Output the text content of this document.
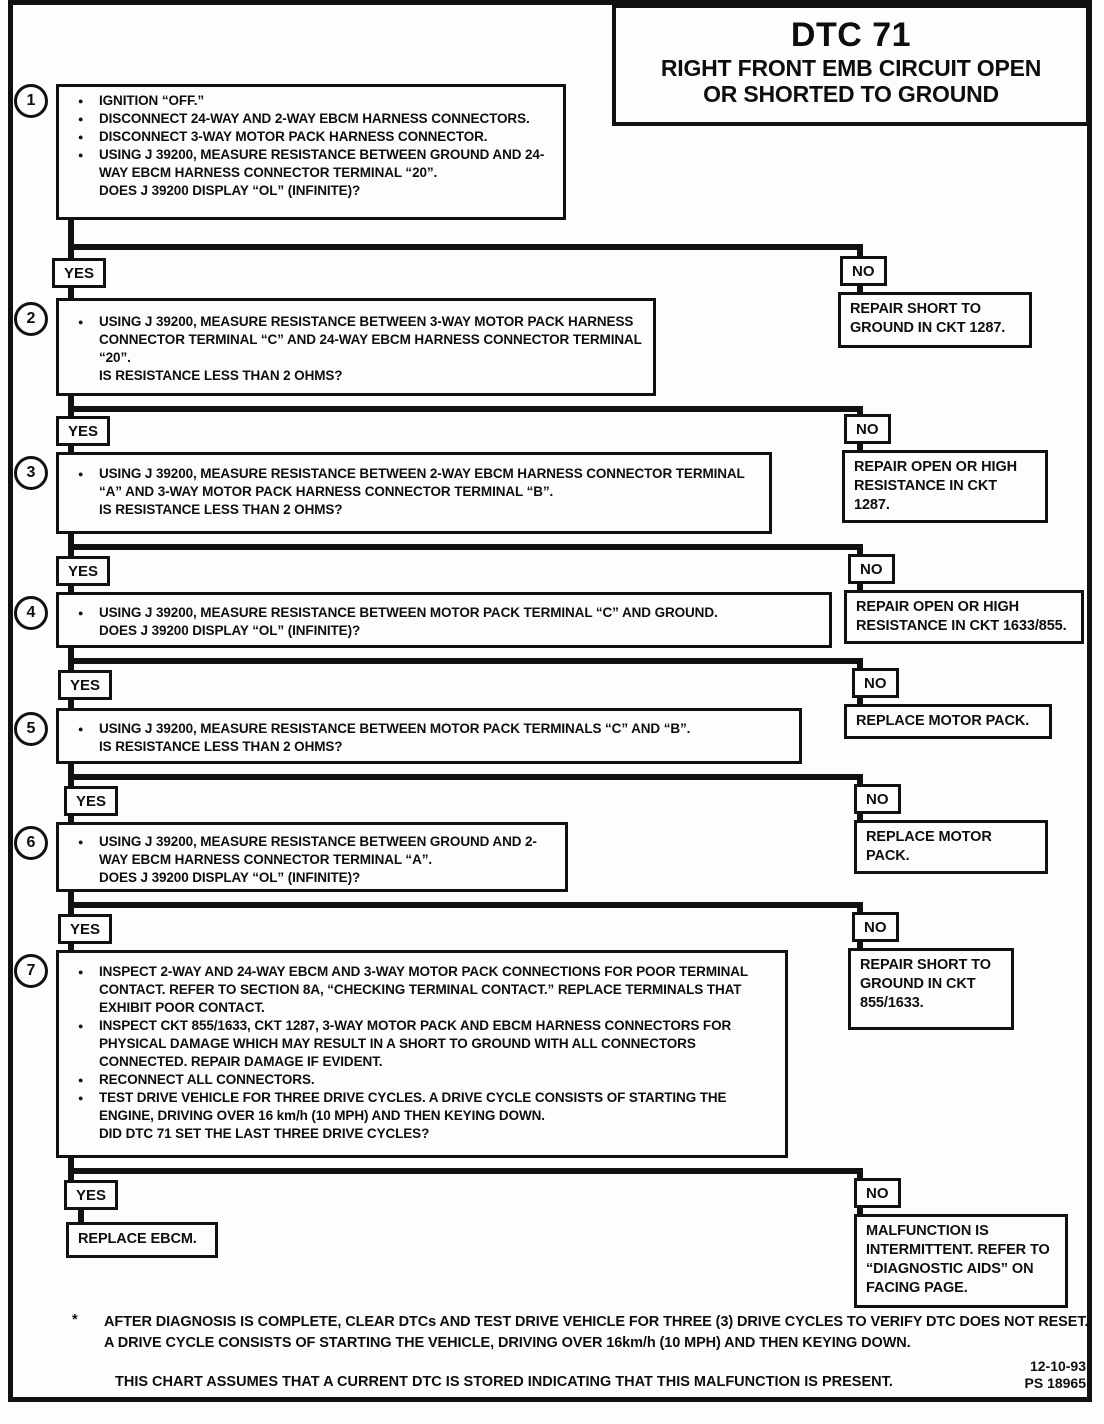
DTC 71
RIGHT FRONT EMB CIRCUIT OPEN
OR SHORTED TO GROUND
1	●	IGNITION “OFF.”
●	DISCONNECT 24-WAY AND 2-WAY EBCM HARNESS CONNECTORS.
●	DISCONNECT 3-WAY MOTOR PACK HARNESS CONNECTOR.
●	USING J 39200, MEASURE RESISTANCE BETWEEN GROUND AND 24-WAY EBCM HARNESS CONNECTOR TERMINAL “20”.
DOES J 39200 DISPLAY “OL” (INFINITE)?
YES	NO
REPAIR SHORT TO GROUND IN CKT 1287.
2	●	USING J 39200, MEASURE RESISTANCE BETWEEN 3-WAY MOTOR PACK HARNESS CONNECTOR TERMINAL “C” AND 24-WAY EBCM HARNESS CONNECTOR TERMINAL “20”.
IS RESISTANCE LESS THAN 2 OHMS?
YES	NO
REPAIR OPEN OR HIGH RESISTANCE IN CKT 1287.
3	●	USING J 39200, MEASURE RESISTANCE BETWEEN 2-WAY EBCM HARNESS CONNECTOR TERMINAL “A” AND 3-WAY MOTOR PACK HARNESS CONNECTOR TERMINAL “B”.
IS RESISTANCE LESS THAN 2 OHMS?
YES	NO
REPAIR OPEN OR HIGH RESISTANCE IN CKT 1633/855.
4	●	USING J 39200, MEASURE RESISTANCE BETWEEN MOTOR PACK TERMINAL “C” AND GROUND.
DOES J 39200 DISPLAY “OL” (INFINITE)?
YES	NO
REPLACE MOTOR PACK.
5	●	USING J 39200, MEASURE RESISTANCE BETWEEN MOTOR PACK TERMINALS “C” AND “B”.
IS RESISTANCE LESS THAN 2 OHMS?
YES	NO
REPLACE MOTOR PACK.
6	●	USING J 39200, MEASURE RESISTANCE BETWEEN GROUND AND 2-WAY EBCM HARNESS CONNECTOR TERMINAL “A”.
DOES J 39200 DISPLAY “OL” (INFINITE)?
YES	NO
REPAIR SHORT TO GROUND IN CKT 855/1633.
7	●	INSPECT 2-WAY AND 24-WAY EBCM AND 3-WAY MOTOR PACK CONNECTIONS FOR POOR TERMINAL CONTACT. REFER TO SECTION 8A, “CHECKING TERMINAL CONTACT.” REPLACE TERMINALS THAT EXHIBIT POOR CONTACT.
●	INSPECT CKT 855/1633, CKT 1287, 3-WAY MOTOR PACK AND EBCM HARNESS CONNECTORS FOR PHYSICAL DAMAGE WHICH MAY RESULT IN A SHORT TO GROUND WITH ALL CONNECTORS CONNECTED. REPAIR DAMAGE IF EVIDENT.
●	RECONNECT ALL CONNECTORS.
●	TEST DRIVE VEHICLE FOR THREE DRIVE CYCLES. A DRIVE CYCLE CONSISTS OF STARTING THE ENGINE, DRIVING OVER 16 km/h (10 MPH) AND THEN KEYING DOWN.
DID DTC 71 SET THE LAST THREE DRIVE CYCLES?
YES	NO
REPLACE EBCM.	MALFUNCTION IS INTERMITTENT. REFER TO “DIAGNOSTIC AIDS” ON FACING PAGE.
* AFTER DIAGNOSIS IS COMPLETE, CLEAR DTCs AND TEST DRIVE VEHICLE FOR THREE (3) DRIVE CYCLES TO VERIFY DTC DOES NOT RESET. A DRIVE CYCLE CONSISTS OF STARTING THE VEHICLE, DRIVING OVER 16km/h (10 MPH) AND THEN KEYING DOWN.
THIS CHART ASSUMES THAT A CURRENT DTC IS STORED INDICATING THAT THIS MALFUNCTION IS PRESENT.
12-10-93
PS 18965
